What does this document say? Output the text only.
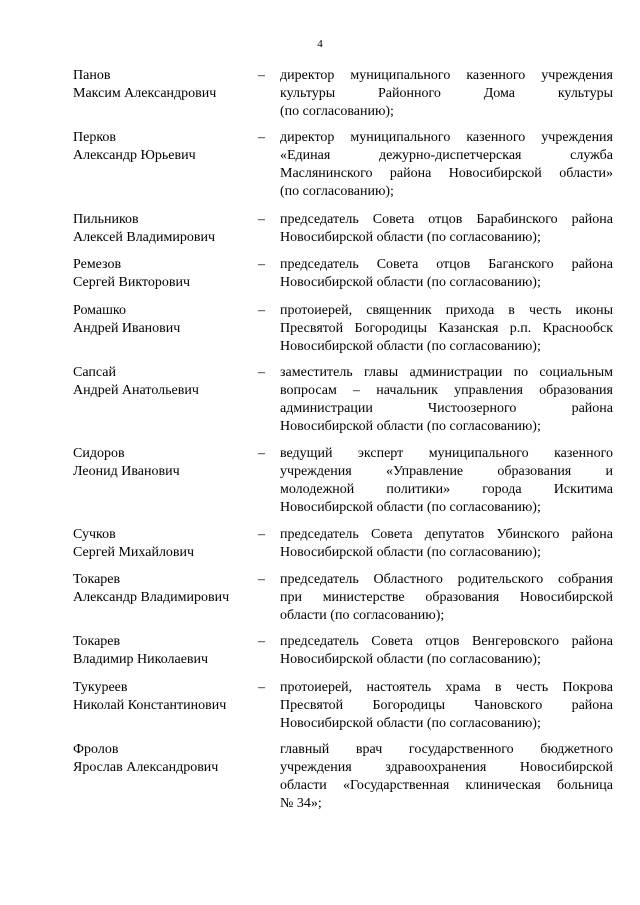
4
Панов
Максим Александрович
– директор муниципального казенного учреждения
культуры Районного Дома культуры
(по согласованию);
Перков
Александр Юрьевич
– директор муниципального казенного учреждения
«Единая дежурно-диспетчерская служба
Маслянинского района Новосибирской области»
(по согласованию);
Пильников
Алексей Владимирович
– председатель Совета отцов Барабинского района
Новосибирской области (по согласованию);
Ремезов
Сергей Викторович
– председатель Совета отцов Баганского района
Новосибирской области (по согласованию);
Ромашко
Андрей Иванович
– протоиерей, священник прихода в честь иконы
Пресвятой Богородицы Казанская р.п. Краснообск
Новосибирской области (по согласованию);
Сапсай
Андрей Анатольевич
– заместитель главы администрации по социальным
вопросам – начальник управления образования
администрации Чистоозерного района
Новосибирской области (по согласованию);
Сидоров
Леонид Иванович
– ведущий эксперт муниципального казенного
учреждения «Управление образования и
молодежной политики» города Искитима
Новосибирской области (по согласованию);
Сучков
Сергей Михайлович
– председатель Совета депутатов Убинского района
Новосибирской области (по согласованию);
Токарев
Александр Владимирович
– председатель Областного родительского собрания
при министерстве образования Новосибирской
области (по согласованию);
Токарев
Владимир Николаевич
– председатель Совета отцов Венгеровского района
Новосибирской области (по согласованию);
Тукуреев
Николай Константинович
– протоиерей, настоятель храма в честь Покрова
Пресвятой Богородицы Чановского района
Новосибирской области (по согласованию);
Фролов
Ярослав Александрович
главный врач государственного бюджетного
учреждения здравоохранения Новосибирской
области «Государственная клиническая больница
№ 34»;
